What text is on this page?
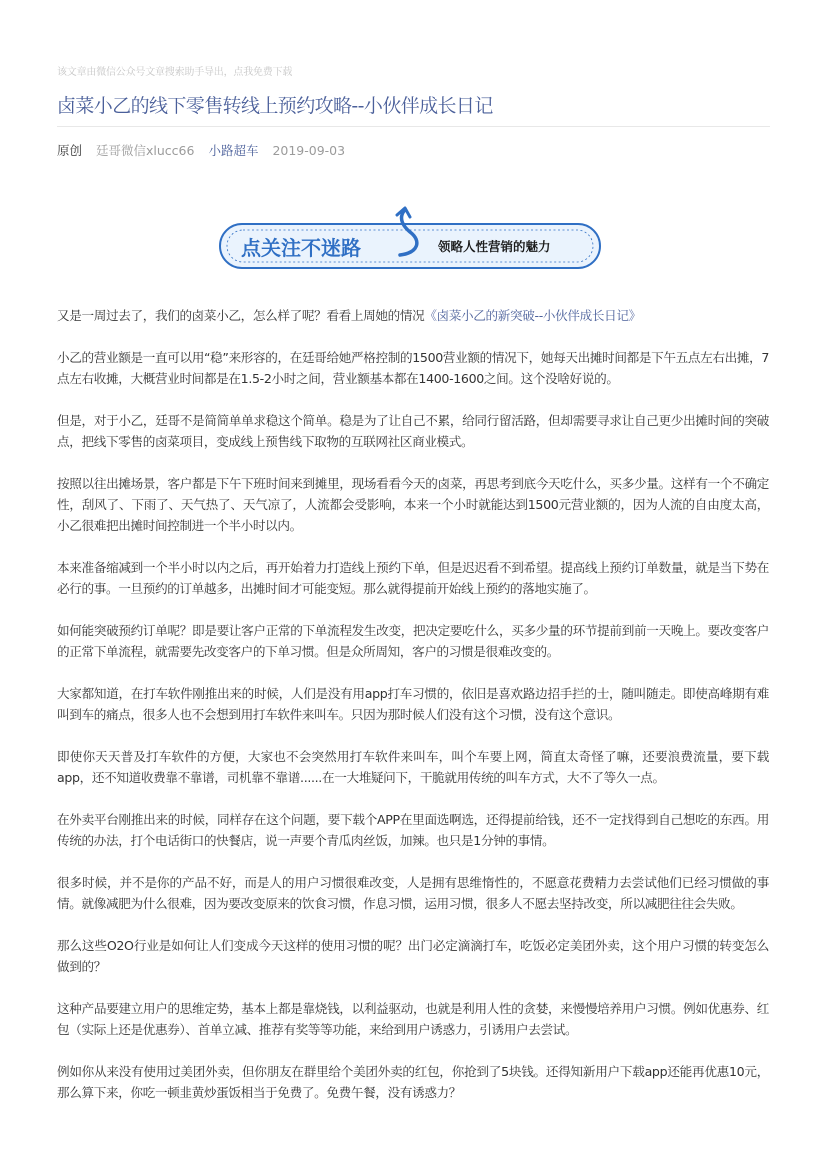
该文章由微信公众号文章搜索助手导出，点我免费下载
卤菜小乙的线下零售转线上预约攻略--小伙伴成长日记
原创 廷哥微信xlucc66 小路超车 2019-09-03
点关注不迷路	领略人性营销的魅力

又是一周过去了，我们的卤菜小乙，怎么样了呢？看看上周她的情况《卤菜小乙的新突破--小伙伴成长日记》

小乙的营业额是一直可以用“稳”来形容的，在廷哥给她严格控制的1500营业额的情况下，她每天出摊时间都是下午五点左右出摊，7点左右收摊，大概营业时间都是在1.5-2小时之间，营业额基本都在1400-1600之间。这个没啥好说的。

但是，对于小乙，廷哥不是简简单单求稳这个简单。稳是为了让自己不累，给同行留活路，但却需要寻求让自己更少出摊时间的突破点，把线下零售的卤菜项目，变成线上预售线下取物的互联网社区商业模式。

按照以往出摊场景，客户都是下午下班时间来到摊里，现场看看今天的卤菜，再思考到底今天吃什么，买多少量。这样有一个不确定性，刮风了、下雨了、天气热了、天气凉了，人流都会受影响，本来一个小时就能达到1500元营业额的，因为人流的自由度太高，小乙很难把出摊时间控制进一个半小时以内。

本来准备缩减到一个半小时以内之后，再开始着力打造线上预约下单，但是迟迟看不到希望。提高线上预约订单数量，就是当下势在必行的事。一旦预约的订单越多，出摊时间才可能变短。那么就得提前开始线上预约的落地实施了。

如何能突破预约订单呢？即是要让客户正常的下单流程发生改变，把决定要吃什么，买多少量的环节提前到前一天晚上。要改变客户的正常下单流程，就需要先改变客户的下单习惯。但是众所周知，客户的习惯是很难改变的。

大家都知道，在打车软件刚推出来的时候，人们是没有用app打车习惯的，依旧是喜欢路边招手拦的士，随叫随走。即使高峰期有难叫到车的痛点，很多人也不会想到用打车软件来叫车。只因为那时候人们没有这个习惯，没有这个意识。

即使你天天普及打车软件的方便，大家也不会突然用打车软件来叫车，叫个车要上网，简直太奇怪了嘛，还要浪费流量，要下载app，还不知道收费靠不靠谱，司机靠不靠谱......在一大堆疑问下，干脆就用传统的叫车方式，大不了等久一点。

在外卖平台刚推出来的时候，同样存在这个问题，要下载个APP在里面选啊选，还得提前给钱，还不一定找得到自己想吃的东西。用传统的办法，打个电话街口的快餐店，说一声要个青瓜肉丝饭，加辣。也只是1分钟的事情。

很多时候，并不是你的产品不好，而是人的用户习惯很难改变，人是拥有思维惰性的，不愿意花费精力去尝试他们已经习惯做的事情。就像减肥为什么很难，因为要改变原来的饮食习惯，作息习惯，运用习惯，很多人不愿去坚持改变，所以减肥往往会失败。

那么这些O2O行业是如何让人们变成今天这样的使用习惯的呢？出门必定滴滴打车，吃饭必定美团外卖，这个用户习惯的转变怎么做到的？

这种产品要建立用户的思维定势，基本上都是靠烧钱，以利益驱动，也就是利用人性的贪婪，来慢慢培养用户习惯。例如优惠券、红包（实际上还是优惠券）、首单立减、推荐有奖等等功能，来给到用户诱惑力，引诱用户去尝试。

例如你从来没有使用过美团外卖，但你朋友在群里给个美团外卖的红包，你抢到了5块钱。还得知新用户下载app还能再优惠10元，那么算下来，你吃一顿韭黄炒蛋饭相当于免费了。免费午餐，没有诱惑力？
